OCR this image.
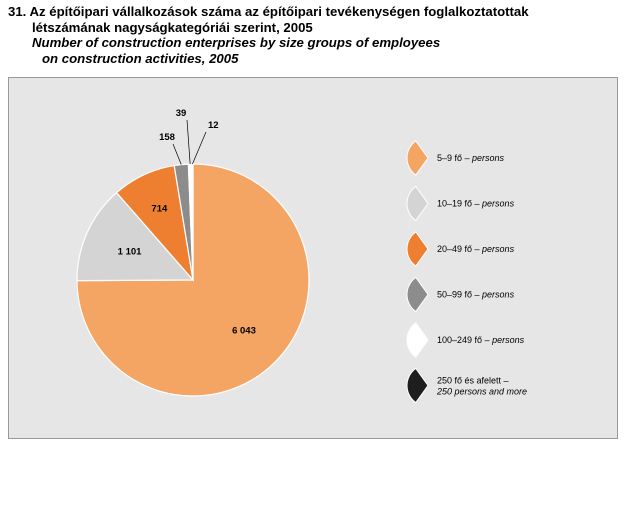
31. Az építőipari vállalkozások száma az építőipari tevékenységen foglalkoztatottak
létszámának nagyságkategóriái szerint, 2005

Number of construction enterprises by size groups of employees
on construction activities, 2005

6 043
1 101
714
158
39
12
5–9 fő – persons
10–19 fő – persons
20–49 fő – persons
50–99 fő – persons
100–249 fő – persons
250 fő és afelett – 250 persons and more
